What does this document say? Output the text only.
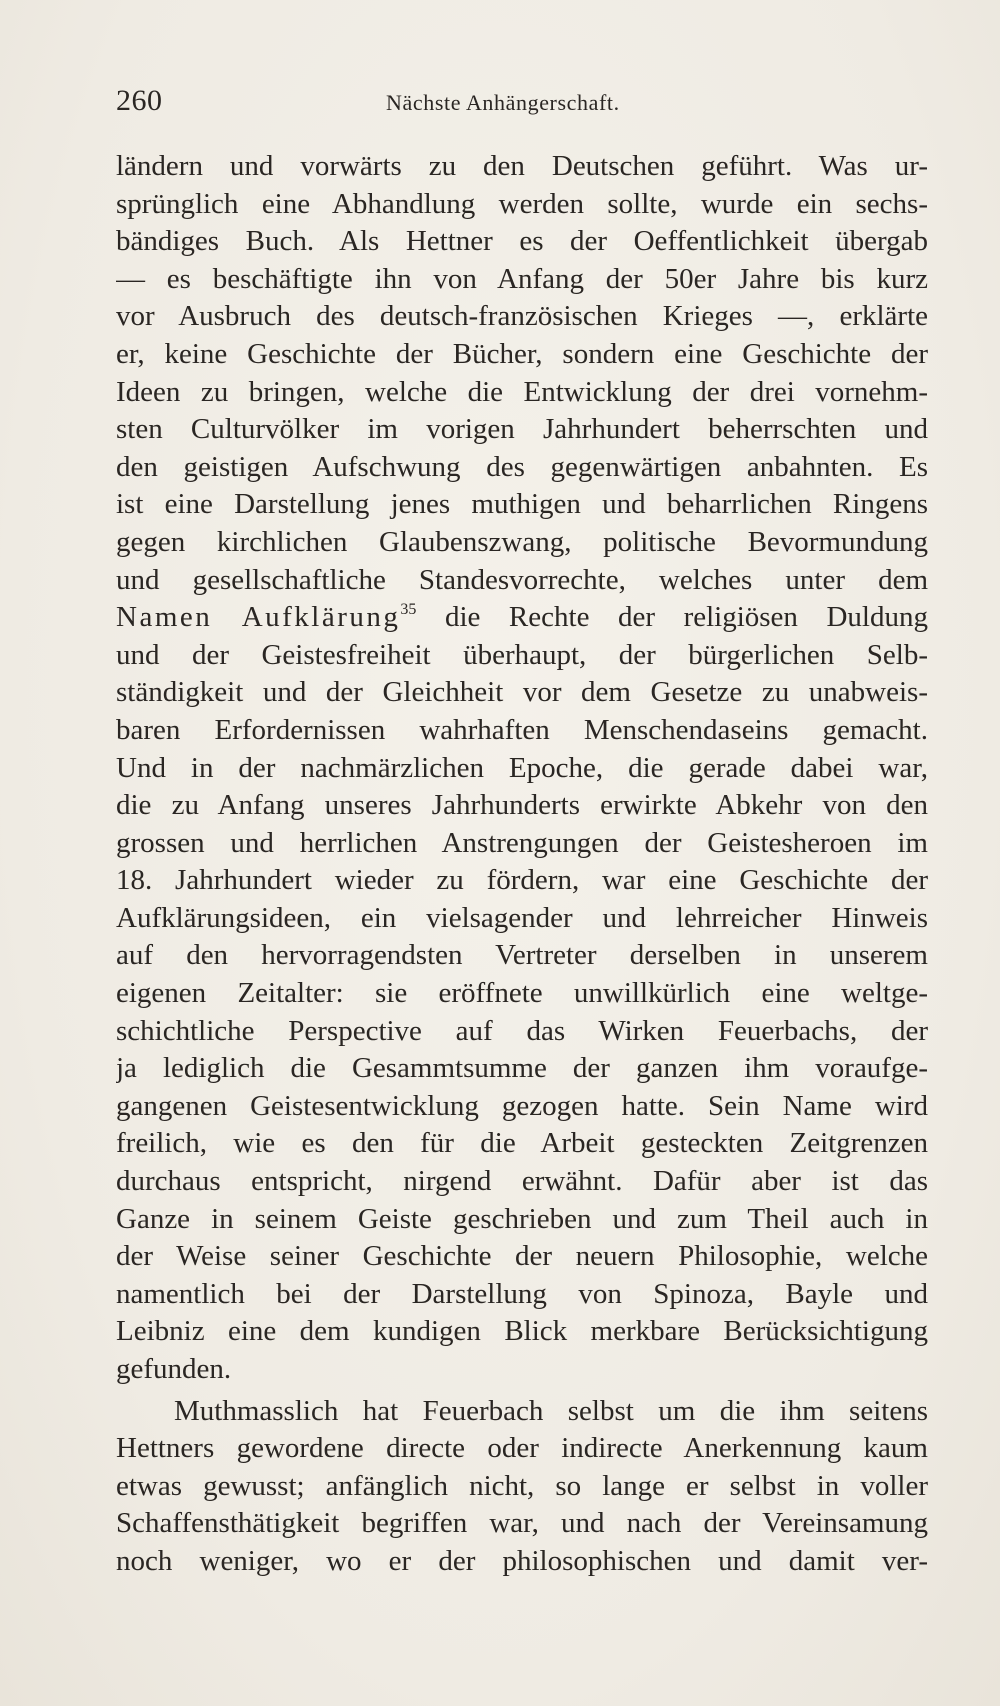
260	Nächste Anhängerschaft.
ländern und vorwärts zu den Deutschen geführt. Was ur-
sprünglich eine Abhandlung werden sollte, wurde ein sechs-
bändiges Buch. Als Hettner es der Oeffentlichkeit übergab
— es beschäftigte ihn von Anfang der 50er Jahre bis kurz
vor Ausbruch des deutsch-französischen Krieges —, erklärte
er, keine Geschichte der Bücher, sondern eine Geschichte der
Ideen zu bringen, welche die Entwicklung der drei vornehm-
sten Culturvölker im vorigen Jahrhundert beherrschten und
den geistigen Aufschwung des gegenwärtigen anbahnten. Es
ist eine Darstellung jenes muthigen und beharrlichen Ringens
gegen kirchlichen Glaubenszwang, politische Bevormundung
und gesellschaftliche Standesvorrechte, welches unter dem
Namen Aufklärung$^{35}$ die Rechte der religiösen Duldung
und der Geistesfreiheit überhaupt, der bürgerlichen Selb-
ständigkeit und der Gleichheit vor dem Gesetze zu unabweis-
baren Erfordernissen wahrhaften Menschendaseins gemacht.
Und in der nachmärzlichen Epoche, die gerade dabei war,
die zu Anfang unseres Jahrhunderts erwirkte Abkehr von den
grossen und herrlichen Anstrengungen der Geistesheroen im
18. Jahrhundert wieder zu fördern, war eine Geschichte der
Aufklärungsideen, ein vielsagender und lehrreicher Hinweis
auf den hervorragendsten Vertreter derselben in unserem
eigenen Zeitalter: sie eröffnete unwillkürlich eine weltge-
schichtliche Perspective auf das Wirken Feuerbachs, der
ja lediglich die Gesammtsumme der ganzen ihm voraufge-
gangenen Geistesentwicklung gezogen hatte. Sein Name wird
freilich, wie es den für die Arbeit gesteckten Zeitgrenzen
durchaus entspricht, nirgend erwähnt. Dafür aber ist das
Ganze in seinem Geiste geschrieben und zum Theil auch in
der Weise seiner Geschichte der neuern Philosophie, welche
namentlich bei der Darstellung von Spinoza, Bayle und
Leibniz eine dem kundigen Blick merkbare Berücksichtigung
gefunden.
Muthmasslich hat Feuerbach selbst um die ihm seitens
Hettners gewordene directe oder indirecte Anerkennung kaum
etwas gewusst; anfänglich nicht, so lange er selbst in voller
Schaffensthätigkeit begriffen war, und nach der Vereinsamung
noch weniger, wo er der philosophischen und damit ver-
